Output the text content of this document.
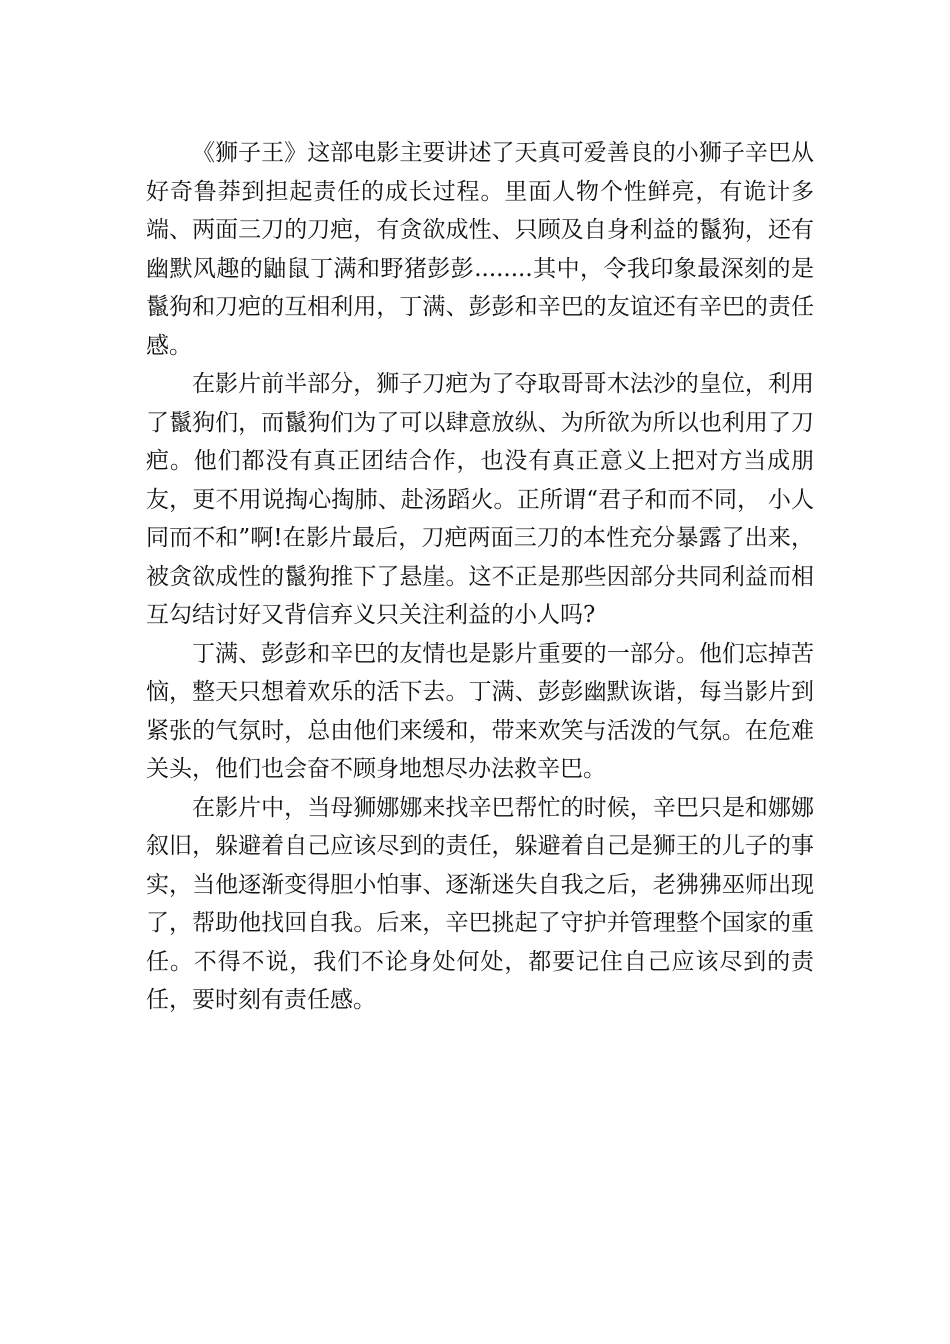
《狮子王》这部电影主要讲述了天真可爱善良的小狮子辛巴从好奇鲁莽到担起责任的成长过程。里面人物个性鲜亮，有诡计多端、两面三刀的刀疤，有贪欲成性、只顾及自身利益的鬣狗，还有幽默风趣的鼬鼠丁满和野猪彭彭........其中，令我印象最深刻的是鬣狗和刀疤的互相利用，丁满、彭彭和辛巴的友谊还有辛巴的责任感。

在影片前半部分，狮子刀疤为了夺取哥哥木法沙的皇位，利用了鬣狗们，而鬣狗们为了可以肆意放纵、为所欲为所以也利用了刀疤。他们都没有真正团结合作，也没有真正意义上把对方当成朋友，更不用说掏心掏肺、赴汤蹈火。正所谓“君子和而不同， 小人同而不和”啊!在影片最后，刀疤两面三刀的本性充分暴露了出来，被贪欲成性的鬣狗推下了悬崖。这不正是那些因部分共同利益而相互勾结讨好又背信弃义只关注利益的小人吗?

丁满、彭彭和辛巴的友情也是影片重要的一部分。他们忘掉苦恼，整天只想着欢乐的活下去。丁满、彭彭幽默诙谐，每当影片到紧张的气氛时，总由他们来缓和，带来欢笑与活泼的气氛。在危难关头，他们也会奋不顾身地想尽办法救辛巴。

在影片中，当母狮娜娜来找辛巴帮忙的时候，辛巴只是和娜娜叙旧，躲避着自己应该尽到的责任，躲避着自己是狮王的儿子的事实，当他逐渐变得胆小怕事、逐渐迷失自我之后，老狒狒巫师出现了，帮助他找回自我。后来，辛巴挑起了守护并管理整个国家的重任。不得不说，我们不论身处何处，都要记住自己应该尽到的责任，要时刻有责任感。
